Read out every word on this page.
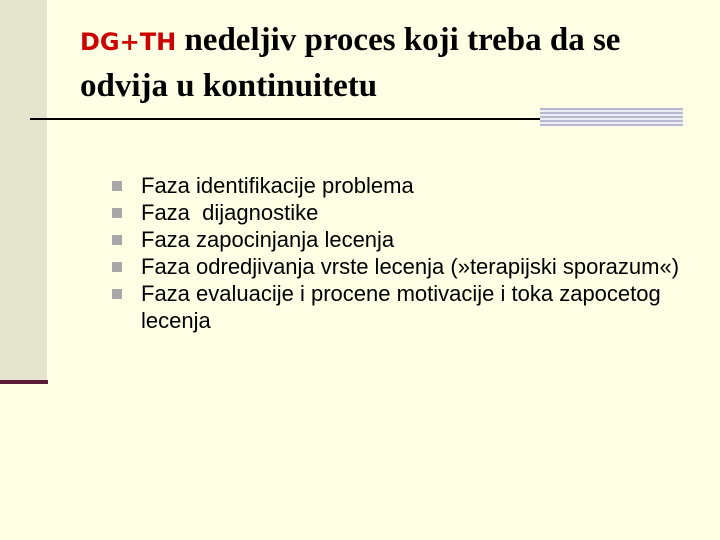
DG+TH nedeljiv proces koji treba da se odvija u kontinuitetu
Faza identifikacije problema
Faza  dijagnostike
Faza zapocinjanja lecenja
Faza odredjivanja vrste lecenja (»terapijski sporazum«)
Faza evaluacije i procene motivacije i toka zapocetog lecenja
